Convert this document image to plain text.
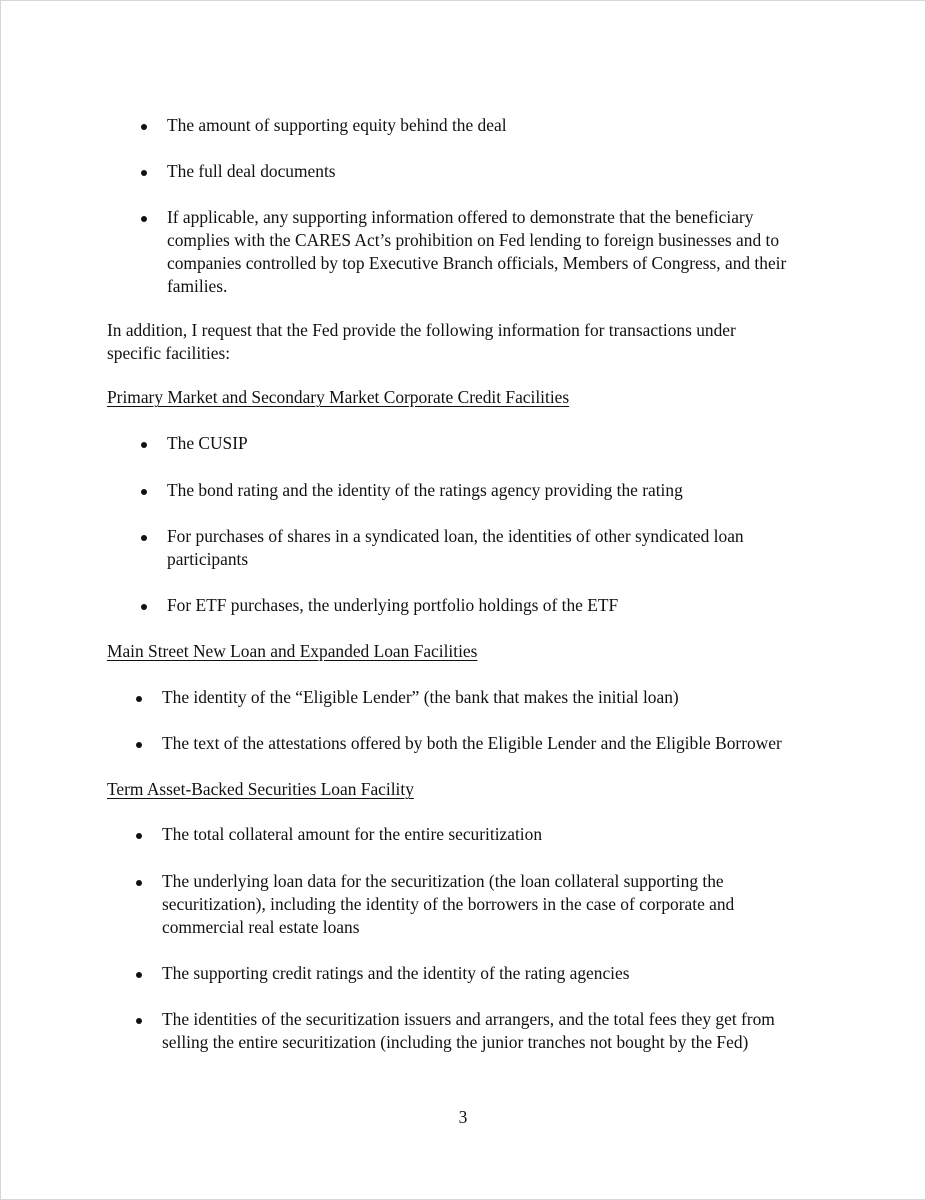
The amount of supporting equity behind the deal
The full deal documents
If applicable, any supporting information offered to demonstrate that the beneficiary complies with the CARES Act’s prohibition on Fed lending to foreign businesses and to companies controlled by top Executive Branch officials, Members of Congress, and their families.
In addition, I request that the Fed provide the following information for transactions under specific facilities:
Primary Market and Secondary Market Corporate Credit Facilities
The CUSIP
The bond rating and the identity of the ratings agency providing the rating
For purchases of shares in a syndicated loan, the identities of other syndicated loan participants
For ETF purchases, the underlying portfolio holdings of the ETF
Main Street New Loan and Expanded Loan Facilities
The identity of the “Eligible Lender” (the bank that makes the initial loan)
The text of the attestations offered by both the Eligible Lender and the Eligible Borrower
Term Asset-Backed Securities Loan Facility
The total collateral amount for the entire securitization
The underlying loan data for the securitization (the loan collateral supporting the securitization), including the identity of the borrowers in the case of corporate and commercial real estate loans
The supporting credit ratings and the identity of the rating agencies
The identities of the securitization issuers and arrangers, and the total fees they get from selling the entire securitization (including the junior tranches not bought by the Fed)
3
